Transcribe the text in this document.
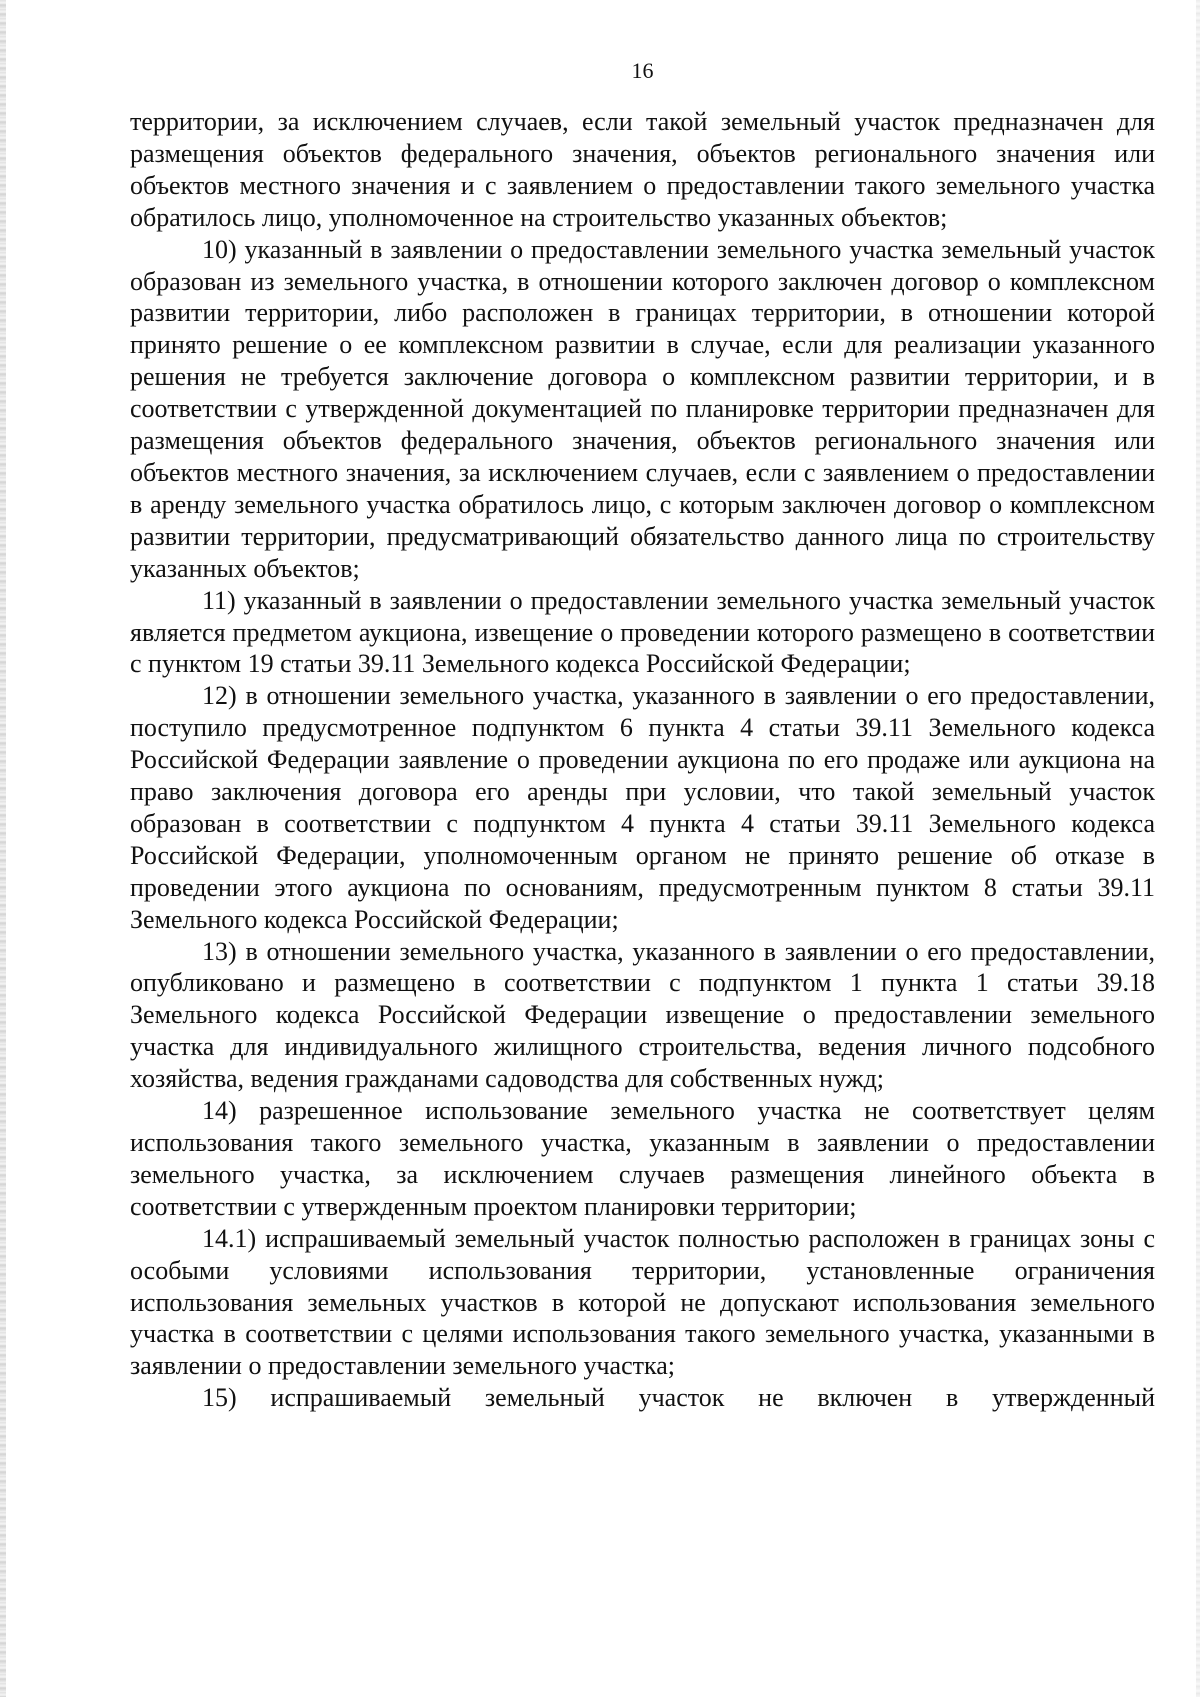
16

территории, за исключением случаев, если такой земельный участок предназначен для размещения объектов федерального значения, объектов регионального значения или объектов местного значения и с заявлением о предоставлении такого земельного участка обратилось лицо, уполномоченное на строительство указанных объектов;

10) указанный в заявлении о предоставлении земельного участка земельный участок образован из земельного участка, в отношении которого заключен договор о комплексном развитии территории, либо расположен в границах территории, в отношении которой принято решение о ее комплексном развитии в случае, если для реализации указанного решения не требуется заключение договора о комплексном развитии территории, и в соответствии с утвержденной документацией по планировке территории предназначен для размещения объектов федерального значения, объектов регионального значения или объектов местного значения, за исключением случаев, если с заявлением о предоставлении в аренду земельного участка обратилось лицо, с которым заключен договор о комплексном развитии территории, предусматривающий обязательство данного лица по строительству указанных объектов;

11) указанный в заявлении о предоставлении земельного участка земельный участок является предметом аукциона, извещение о проведении которого размещено в соответствии с пунктом 19 статьи 39.11 Земельного кодекса Российской Федерации;

12) в отношении земельного участка, указанного в заявлении о его предоставлении, поступило предусмотренное подпунктом 6 пункта 4 статьи 39.11 Земельного кодекса Российской Федерации заявление о проведении аукциона по его продаже или аукциона на право заключения договора его аренды при условии, что такой земельный участок образован в соответствии с подпунктом 4 пункта 4 статьи 39.11 Земельного кодекса Российской Федерации, уполномоченным органом не принято решение об отказе в проведении этого аукциона по основаниям, предусмотренным пунктом 8 статьи 39.11 Земельного кодекса Российской Федерации;

13) в отношении земельного участка, указанного в заявлении о его предоставлении, опубликовано и размещено в соответствии с подпунктом 1 пункта 1 статьи 39.18 Земельного кодекса Российской Федерации извещение о предоставлении земельного участка для индивидуального жилищного строительства, ведения личного подсобного хозяйства, ведения гражданами садоводства для собственных нужд;

14) разрешенное использование земельного участка не соответствует целям использования такого земельного участка, указанным в заявлении о предоставлении земельного участка, за исключением случаев размещения линейного объекта в соответствии с утвержденным проектом планировки территории;

14.1) испрашиваемый земельный участок полностью расположен в границах зоны с особыми условиями использования территории, установленные ограничения использования земельных участков в которой не допускают использования земельного участка в соответствии с целями использования такого земельного участка, указанными в заявлении о предоставлении земельного участка;

15) испрашиваемый земельный участок не включен в утвержденный
